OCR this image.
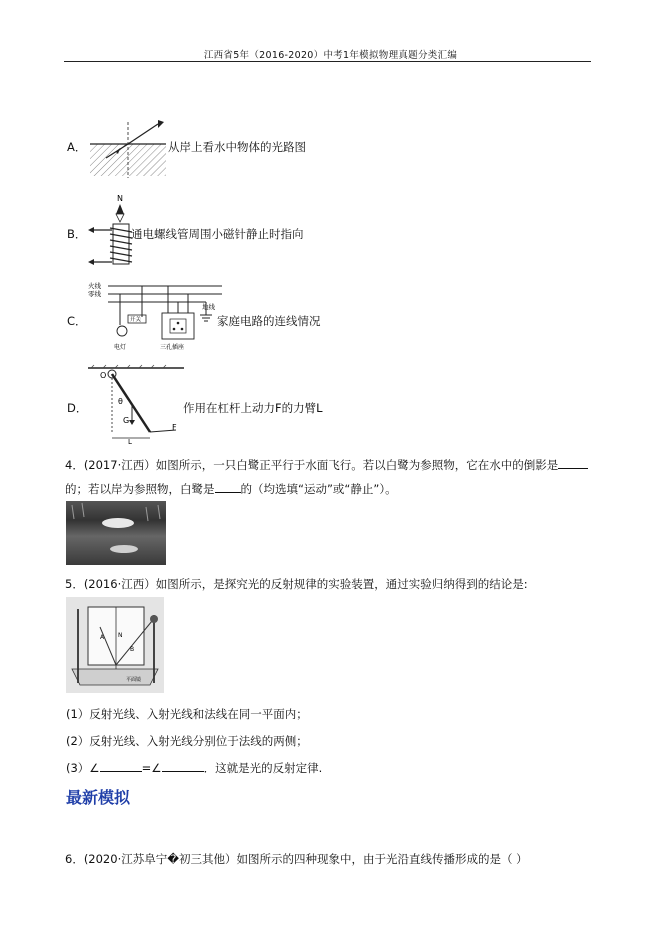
江西省5年（2016-2020）中考1年模拟物理真题分类汇编
A．	从岸上看水中物体的光路图
B．
N
通电螺线管周围小磁针静止时指向
C．
火线
零线
地线
开关
电灯	三孔插座
家庭电路的连线情况
D．
O
θ
G
F
L
作用在杠杆上动力F的力臂L
4．(2017·江西）如图所示，一只白鹭正平行于水面飞行。若以白鹭为参照物，它在水中的倒影是
的；若以岸为参照物，白鹭是 的（均选填“运动”或“静止”）。
5．(2016·江西）如图所示，是探究光的反射规律的实验装置，通过实验归纳得到的结论是:
N
A
B
平面镜
(1）反射光线、入射光线和法线在同一平面内；
(2）反射光线、入射光线分别位于法线的两侧；
(3）∠	=∠	．这就是光的反射定律.
最新模拟
6．(2020·江苏阜宁�初三其他）如图所示的四种现象中，由于光沿直线传播形成的是（ ）
